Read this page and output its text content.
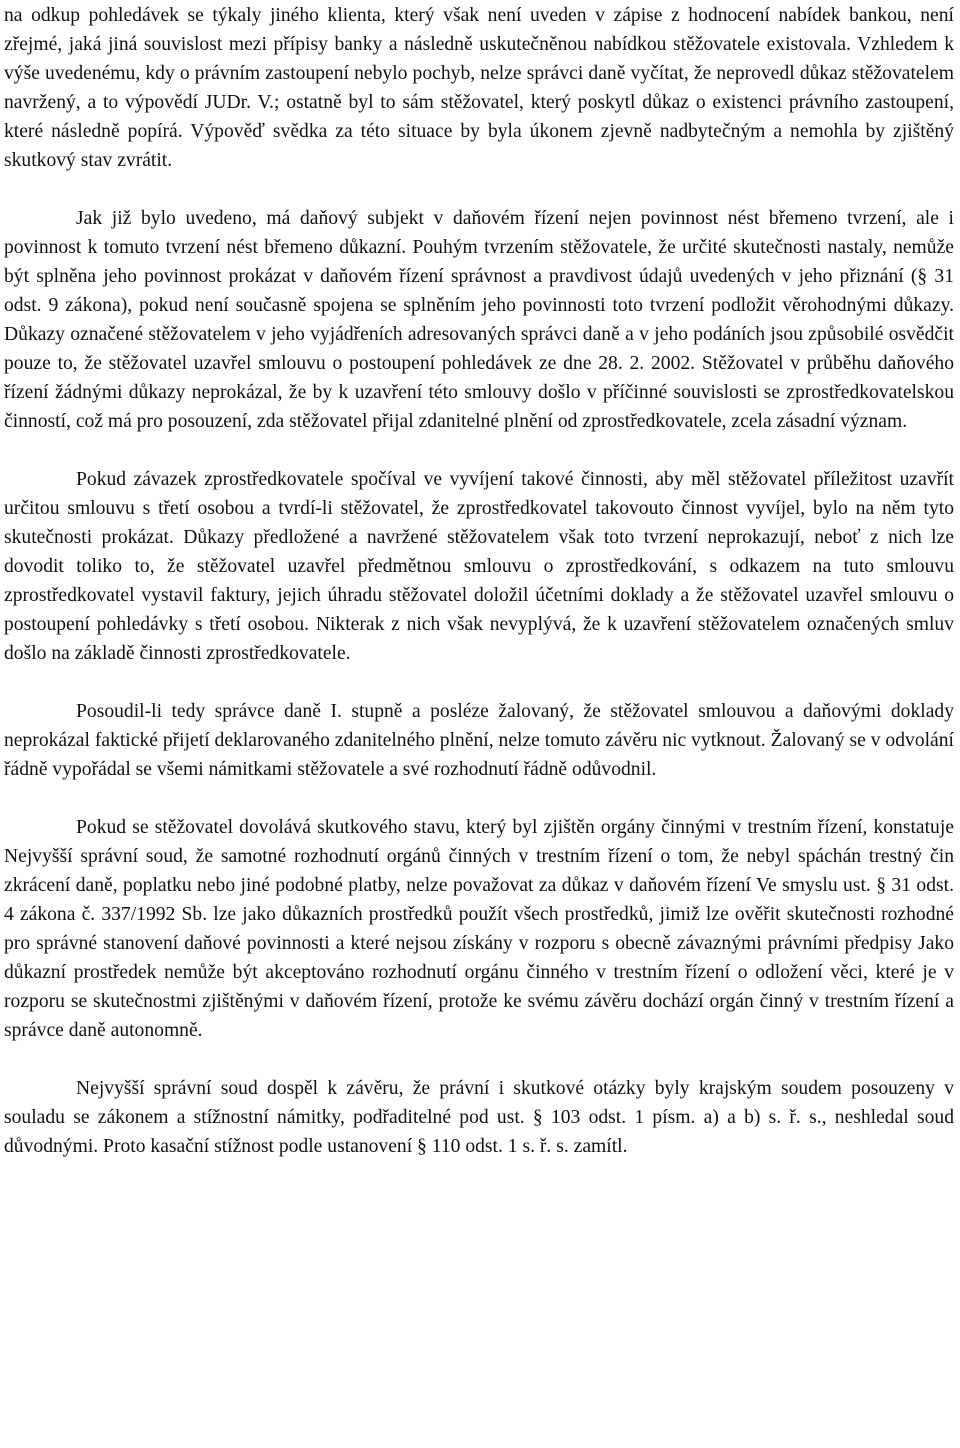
na odkup pohledávek se týkaly jiného klienta, který však není uveden v zápise z hodnocení nabídek bankou, není zřejmé, jaká jiná souvislost mezi přípisy banky a následně uskutečněnou nabídkou stěžovatele existovala. Vzhledem k výše uvedenému, kdy o právním zastoupení nebylo pochyb, nelze správci daně vyčítat, že neprovedl důkaz stěžovatelem navržený, a to výpovědí JUDr. V.; ostatně byl to sám stěžovatel, který poskytl důkaz o existenci právního zastoupení, které následně popírá. Výpověď svědka za této situace by byla úkonem zjevně nadbytečným a nemohla by zjištěný skutkový stav zvrátit.

Jak již bylo uvedeno, má daňový subjekt v daňovém řízení nejen povinnost nést břemeno tvrzení, ale i povinnost k tomuto tvrzení nést břemeno důkazní. Pouhým tvrzením stěžovatele, že určité skutečnosti nastaly, nemůže být splněna jeho povinnost prokázat v daňovém řízení správnost a pravdivost údajů uvedených v jeho přiznání (§ 31 odst. 9 zákona), pokud není současně spojena se splněním jeho povinnosti toto tvrzení podložit věrohodnými důkazy. Důkazy označené stěžovatelem v jeho vyjádřeních adresovaných správci daně a v jeho podáních jsou způsobilé osvědčit pouze to, že stěžovatel uzavřel smlouvu o postoupení pohledávek ze dne 28. 2. 2002. Stěžovatel v průběhu daňového řízení žádnými důkazy neprokázal, že by k uzavření této smlouvy došlo v příčinné souvislosti se zprostředkovatelskou činností, což má pro posouzení, zda stěžovatel přijal zdanitelné plnění od zprostředkovatele, zcela zásadní význam.

Pokud závazek zprostředkovatele spočíval ve vyvíjení takové činnosti, aby měl stěžovatel příležitost uzavřít určitou smlouvu s třetí osobou a tvrdí-li stěžovatel, že zprostředkovatel takovouto činnost vyvíjel, bylo na něm tyto skutečnosti prokázat. Důkazy předložené a navržené stěžovatelem však toto tvrzení neprokazují, neboť z nich lze dovodit toliko to, že stěžovatel uzavřel předmětnou smlouvu o zprostředkování, s odkazem na tuto smlouvu zprostředkovatel vystavil faktury, jejich úhradu stěžovatel doložil účetními doklady a že stěžovatel uzavřel smlouvu o postoupení pohledávky s třetí osobou. Nikterak z nich však nevyplývá, že k uzavření stěžovatelem označených smluv došlo na základě činnosti zprostředkovatele.

Posoudil-li tedy správce daně I. stupně a posléze žalovaný, že stěžovatel smlouvou a daňovými doklady neprokázal faktické přijetí deklarovaného zdanitelného plnění, nelze tomuto závěru nic vytknout. Žalovaný se v odvolání řádně vypořádal se všemi námitkami stěžovatele a své rozhodnutí řádně odůvodnil.

Pokud se stěžovatel dovolává skutkového stavu, který byl zjištěn orgány činnými v trestním řízení, konstatuje Nejvyšší správní soud, že samotné rozhodnutí orgánů činných v trestním řízení o tom, že nebyl spáchán trestný čin zkrácení daně, poplatku nebo jiné podobné platby, nelze považovat za důkaz v daňovém řízení Ve smyslu ust. § 31 odst. 4 zákona č. 337/1992 Sb. lze jako důkazních prostředků použít všech prostředků, jimiž lze ověřit skutečnosti rozhodné pro správné stanovení daňové povinnosti a které nejsou získány v rozporu s obecně závaznými právními předpisy Jako důkazní prostředek nemůže být akceptováno rozhodnutí orgánu činného v trestním řízení o odložení věci, které je v rozporu se skutečnostmi zjištěnými v daňovém řízení, protože ke svému závěru dochází orgán činný v trestním řízení a správce daně autonomně.

Nejvyšší správní soud dospěl k závěru, že právní i skutkové otázky byly krajským soudem posouzeny v souladu se zákonem a stížnostní námitky, podřaditelné pod ust. § 103 odst. 1 písm. a) a b) s. ř. s., neshledal soud důvodnými. Proto kasační stížnost podle ustanovení § 110 odst. 1 s. ř. s. zamítl.
